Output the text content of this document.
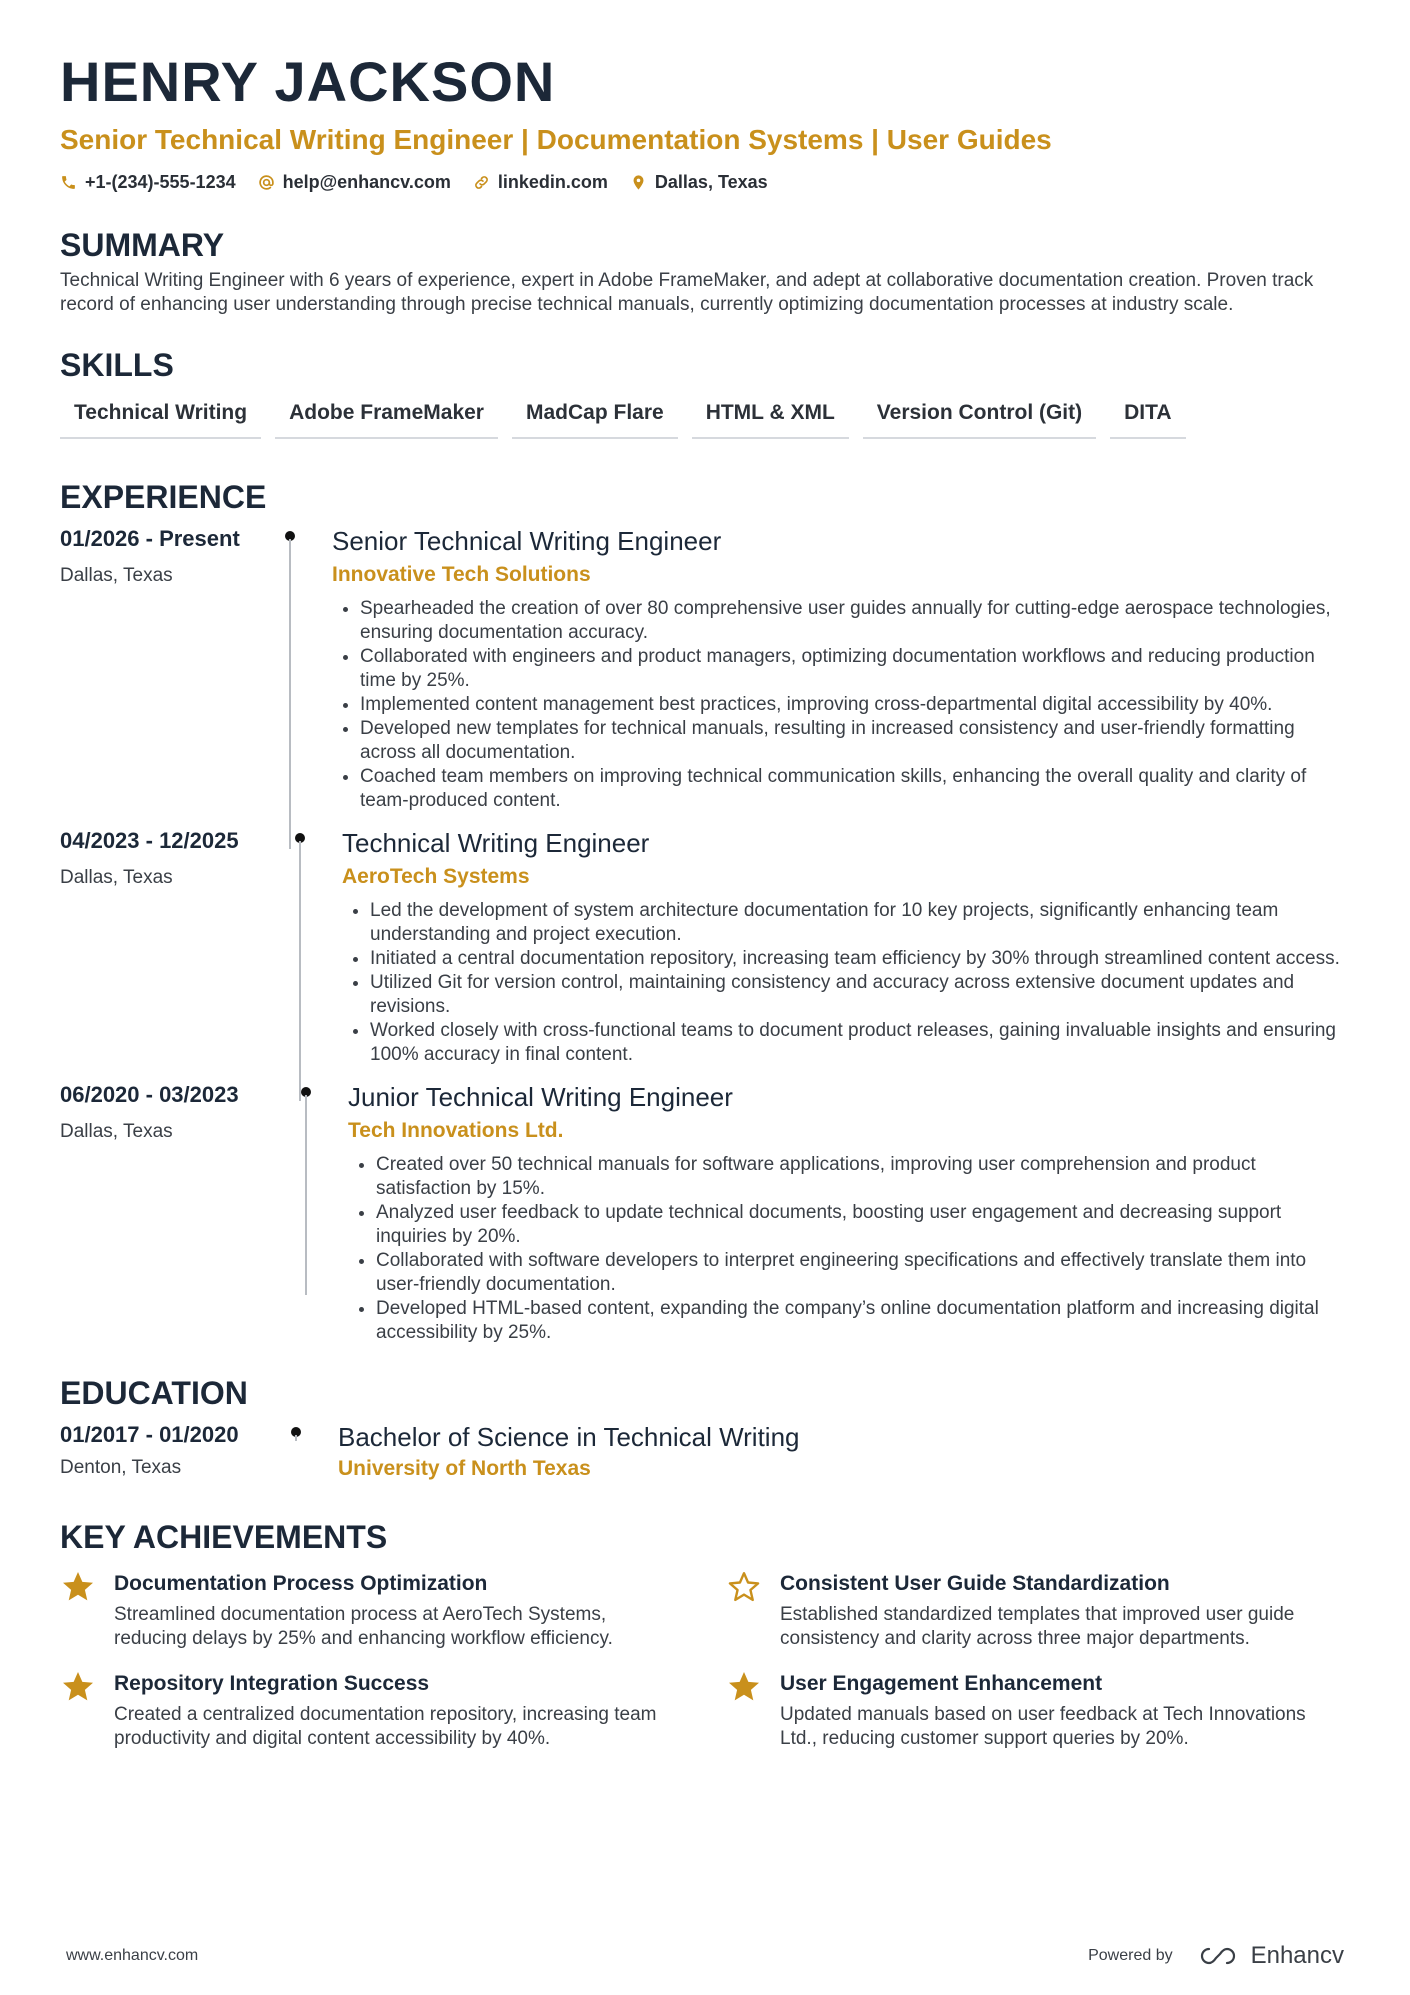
HENRY JACKSON
Senior Technical Writing Engineer | Documentation Systems | User Guides
+1-(234)-555-1234	help@enhancv.com	linkedin.com	Dallas, Texas
SUMMARY
Technical Writing Engineer with 6 years of experience, expert in Adobe FrameMaker, and adept at collaborative documentation creation. Proven track record of enhancing user understanding through precise technical manuals, currently optimizing documentation processes at industry scale.
SKILLS
Technical Writing	Adobe FrameMaker	MadCap Flare	HTML & XML	Version Control (Git)	DITA
EXPERIENCE
01/2026 - Present
Dallas, Texas
Senior Technical Writing Engineer
Innovative Tech Solutions
• Spearheaded the creation of over 80 comprehensive user guides annually for cutting-edge aerospace technologies, ensuring documentation accuracy.
• Collaborated with engineers and product managers, optimizing documentation workflows and reducing production time by 25%.
• Implemented content management best practices, improving cross-departmental digital accessibility by 40%.
• Developed new templates for technical manuals, resulting in increased consistency and user-friendly formatting across all documentation.
• Coached team members on improving technical communication skills, enhancing the overall quality and clarity of team-produced content.
04/2023 - 12/2025
Dallas, Texas
Technical Writing Engineer
AeroTech Systems
• Led the development of system architecture documentation for 10 key projects, significantly enhancing team understanding and project execution.
• Initiated a central documentation repository, increasing team efficiency by 30% through streamlined content access.
• Utilized Git for version control, maintaining consistency and accuracy across extensive document updates and revisions.
• Worked closely with cross-functional teams to document product releases, gaining invaluable insights and ensuring 100% accuracy in final content.
06/2020 - 03/2023
Dallas, Texas
Junior Technical Writing Engineer
Tech Innovations Ltd.
• Created over 50 technical manuals for software applications, improving user comprehension and product satisfaction by 15%.
• Analyzed user feedback to update technical documents, boosting user engagement and decreasing support inquiries by 20%.
• Collaborated with software developers to interpret engineering specifications and effectively translate them into user-friendly documentation.
• Developed HTML-based content, expanding the company’s online documentation platform and increasing digital accessibility by 25%.
EDUCATION
01/2017 - 01/2020
Denton, Texas
Bachelor of Science in Technical Writing
University of North Texas
KEY ACHIEVEMENTS
Documentation Process Optimization
Streamlined documentation process at AeroTech Systems, reducing delays by 25% and enhancing workflow efficiency.
Consistent User Guide Standardization
Established standardized templates that improved user guide consistency and clarity across three major departments.
Repository Integration Success
Created a centralized documentation repository, increasing team productivity and digital content accessibility by 40%.
User Engagement Enhancement
Updated manuals based on user feedback at Tech Innovations Ltd., reducing customer support queries by 20%.
www.enhancv.com	Powered by	Enhancv
